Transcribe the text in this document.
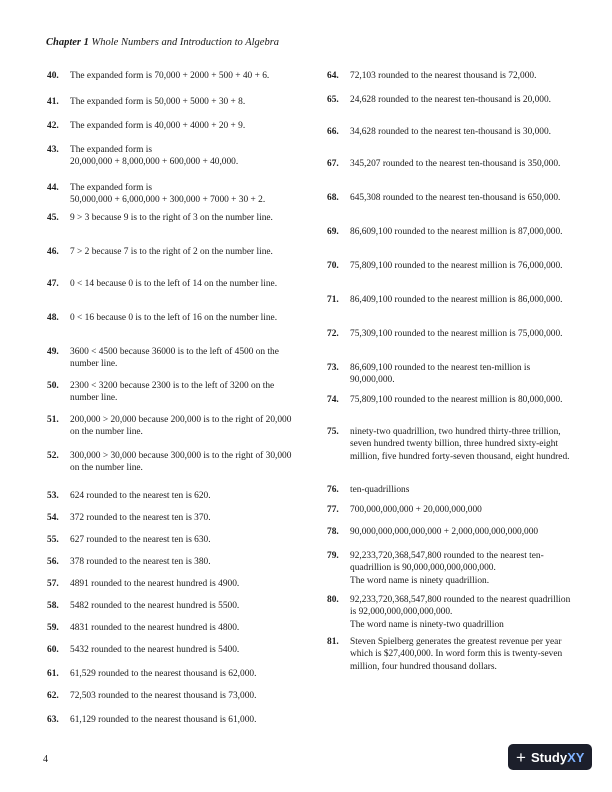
Chapter 1 Whole Numbers and Introduction to Algebra
40.	The expanded form is 70,000 + 2000 + 500 + 40 + 6.
41.	The expanded form is 50,000 + 5000 + 30 + 8.
42.	The expanded form is 40,000 + 4000 + 20 + 9.
43.	The expanded form is
20,000,000 + 8,000,000 + 600,000 + 40,000.
44.	The expanded form is
50,000,000 + 6,000,000 + 300,000 + 7000 + 30 + 2.
45.	9 > 3 because 9 is to the right of 3 on the number line.
46.	7 > 2 because 7 is to the right of 2 on the number line.
47.	0 < 14 because 0 is to the left of 14 on the number line.
48.	0 < 16 because 0 is to the left of 16 on the number line.
49.	3600 < 4500 because 36000 is to the left of 4500 on the number line.
50.	2300 < 3200 because 2300 is to the left of 3200 on the number line.
51.	200,000 > 20,000 because 200,000 is to the right of 20,000 on the number line.
52.	300,000 > 30,000 because 300,000 is to the right of 30,000 on the number line.
53.	624 rounded to the nearest ten is 620.
54.	372 rounded to the nearest ten is 370.
55.	627 rounded to the nearest ten is 630.
56.	378 rounded to the nearest ten is 380.
57.	4891 rounded to the nearest hundred is 4900.
58.	5482 rounded to the nearest hundred is 5500.
59.	4831 rounded to the nearest hundred is 4800.
60.	5432 rounded to the nearest hundred is 5400.
61.	61,529 rounded to the nearest thousand is 62,000.
62.	72,503 rounded to the nearest thousand is 73,000.
63.	61,129 rounded to the nearest thousand is 61,000.
64.	72,103 rounded to the nearest thousand is 72,000.
65.	24,628 rounded to the nearest ten-thousand is 20,000.
66.	34,628 rounded to the nearest ten-thousand is 30,000.
67.	345,207 rounded to the nearest ten-thousand is 350,000.
68.	645,308 rounded to the nearest ten-thousand is 650,000.
69.	86,609,100 rounded to the nearest million is 87,000,000.
70.	75,809,100 rounded to the nearest million is 76,000,000.
71.	86,409,100 rounded to the nearest million is 86,000,000.
72.	75,309,100 rounded to the nearest million is 75,000,000.
73.	86,609,100 rounded to the nearest ten-million is 90,000,000.
74.	75,809,100 rounded to the nearest million is 80,000,000.
75.	ninety-two quadrillion, two hundred thirty-three trillion, seven hundred twenty billion, three hundred sixty-eight million, five hundred forty-seven thousand, eight hundred.
76.	ten-quadrillions
77.	700,000,000,000 + 20,000,000,000
78.	90,000,000,000,000,000 + 2,000,000,000,000,000
79.	92,233,720,368,547,800 rounded to the nearest ten-quadrillion is 90,000,000,000,000,000.
The word name is ninety quadrillion.
80.	92,233,720,368,547,800 rounded to the nearest quadrillion is 92,000,000,000,000,000.
The word name is ninety-two quadrillion
81.	Steven Spielberg generates the greatest revenue per year which is $27,400,000. In word form this is twenty-seven million, four hundred thousand dollars.
4	+ Study XY
